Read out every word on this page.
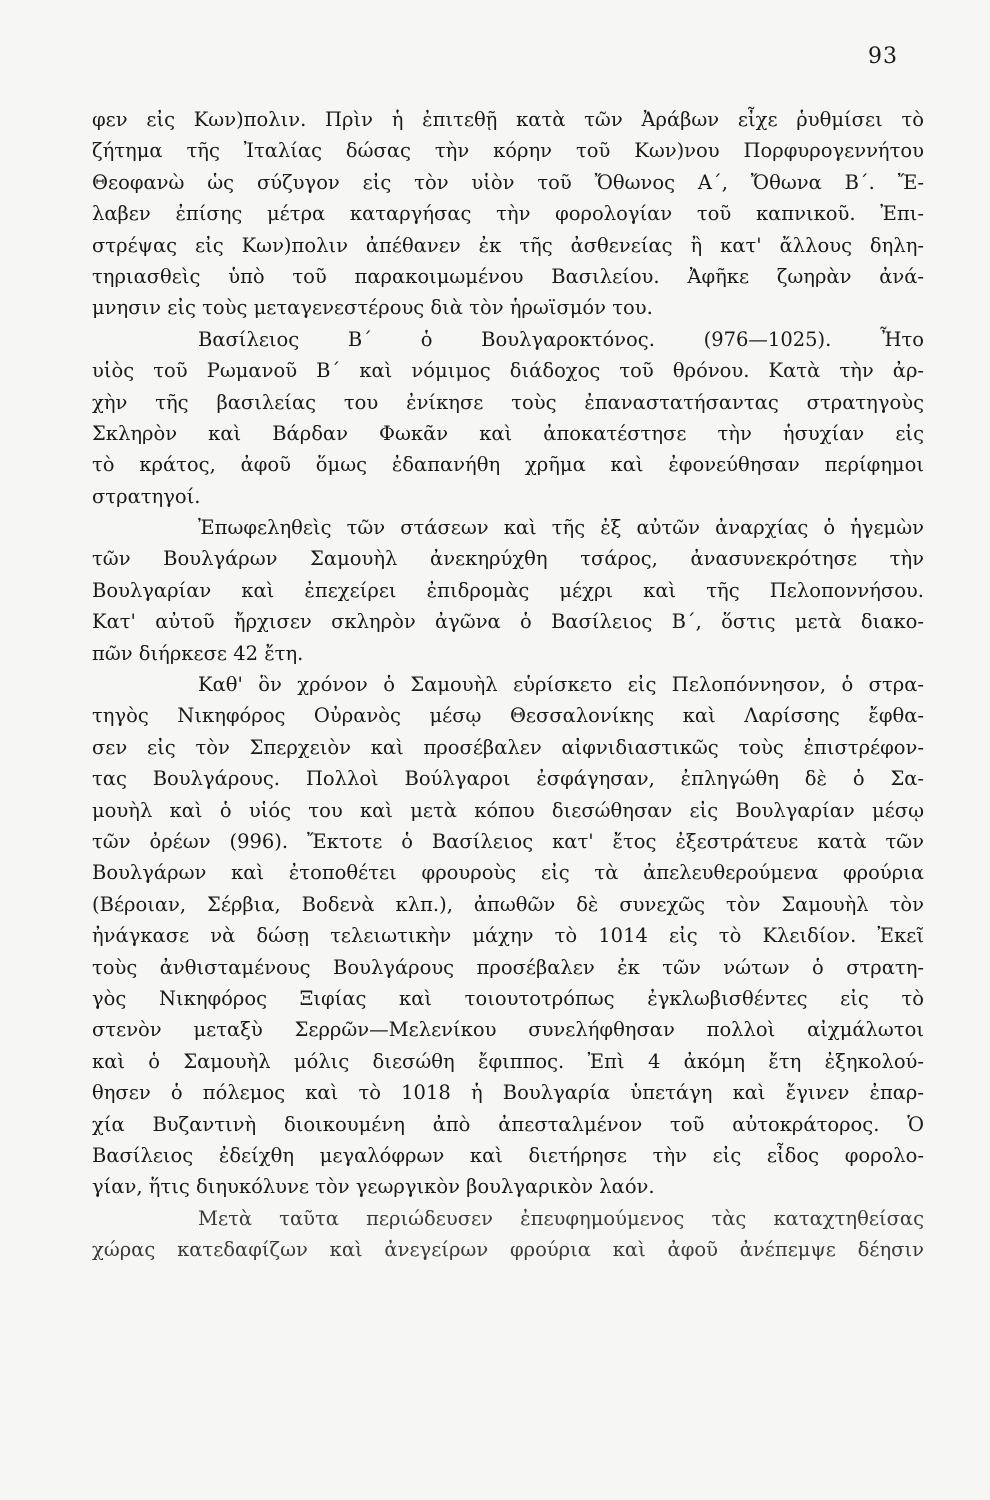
93
φεν εἰς Κων)πολιν. Πρὶν ἡ ἐπιτεθῇ κατὰ τῶν Ἀράβων εἶχε ῥυθμίσει τὸ
ζήτημα τῆς Ἰταλίας δώσας τὴν κόρην τοῦ Κων)νου Πορφυρογεννήτου
Θεοφανὼ ὡς σύζυγον εἰς τὸν υἱὸν τοῦ Ὄθωνος Α΄, Ὄθωνα Β΄. Ἔ-
λαβεν ἐπίσης μέτρα καταργήσας τὴν φορολογίαν τοῦ καπνικοῦ. Ἐπι-
στρέψας εἰς Κων)πολιν ἀπέθανεν ἐκ τῆς ἀσθενείας ἢ κατ' ἄλλους δηλη-
τηριασθεὶς ὑπὸ τοῦ παρακοιμωμένου Βασιλείου. Ἀφῆκε ζωηρὰν ἀνά-
μνησιν εἰς τοὺς μεταγενεστέρους διὰ τὸν ἡρωϊσμόν του.
Βασίλειος Β΄ ὁ Βουλγαροκτόνος. (976—1025). Ἦτο
υἱὸς τοῦ Ρωμανοῦ Β΄ καὶ νόμιμος διάδοχος τοῦ θρόνου. Κατὰ τὴν ἀρ-
χὴν τῆς βασιλείας του ἐνίκησε τοὺς ἐπαναστατήσαντας στρατηγοὺς
Σκληρὸν καὶ Βάρδαν Φωκᾶν καὶ ἀποκατέστησε τὴν ἡσυχίαν εἰς
τὸ κράτος, ἀφοῦ ὅμως ἐδαπανήθη χρῆμα καὶ ἐφονεύθησαν περίφημοι
στρατηγοί.
Ἐπωφεληθεὶς τῶν στάσεων καὶ τῆς ἐξ αὐτῶν ἀναρχίας ὁ ἡγεμὼν
τῶν Βουλγάρων Σαμουὴλ ἀνεκηρύχθη τσάρος, ἀνασυνεκρότησε τὴν
Βουλγαρίαν καὶ ἐπεχείρει ἐπιδρομὰς μέχρι καὶ τῆς Πελοποννήσου.
Κατ' αὐτοῦ ἤρχισεν σκληρὸν ἀγῶνα ὁ Βασίλειος Β΄, ὅστις μετὰ διακο-
πῶν διήρκεσε 42 ἔτη.
Καθ' ὃν χρόνον ὁ Σαμουὴλ εὑρίσκετο εἰς Πελοπόννησον, ὁ στρα-
τηγὸς Νικηφόρος Οὐρανὸς μέσῳ Θεσσαλονίκης καὶ Λαρίσσης ἔφθα-
σεν εἰς τὸν Σπερχειὸν καὶ προσέβαλεν αἰφνιδιαστικῶς τοὺς ἐπιστρέφον-
τας Βουλγάρους. Πολλοὶ Βούλγαροι ἐσφάγησαν, ἐπληγώθη δὲ ὁ Σα-
μουὴλ καὶ ὁ υἱός του καὶ μετὰ κόπου διεσώθησαν εἰς Βουλγαρίαν μέσῳ
τῶν ὀρέων (996). Ἔκτοτε ὁ Βασίλειος κατ' ἔτος ἐξεστράτευε κατὰ τῶν
Βουλγάρων καὶ ἐτοποθέτει φρουροὺς εἰς τὰ ἀπελευθερούμενα φρούρια
(Βέροιαν, Σέρβια, Βοδενὰ κλπ.), ἀπωθῶν δὲ συνεχῶς τὸν Σαμουὴλ τὸν
ἠνάγκασε νὰ δώσῃ τελειωτικὴν μάχην τὸ 1014 εἰς τὸ Κλειδίον. Ἐκεῖ
τοὺς ἀνθισταμένους Βουλγάρους προσέβαλεν ἐκ τῶν νώτων ὁ στρατη-
γὸς Νικηφόρος Ξιφίας καὶ τοιουτοτρόπως ἐγκλωβισθέντες εἰς τὸ
στενὸν μεταξὺ Σερρῶν—Μελενίκου συνελήφθησαν πολλοὶ αἰχμάλωτοι
καὶ ὁ Σαμουὴλ μόλις διεσώθη ἔφιππος. Ἐπὶ 4 ἀκόμη ἔτη ἐξηκολού-
θησεν ὁ πόλεμος καὶ τὸ 1018 ἡ Βουλγαρία ὑπετάγη καὶ ἔγινεν ἐπαρ-
χία Βυζαντινὴ διοικουμένη ἀπὸ ἀπεσταλμένον τοῦ αὐτοκράτορος. Ὁ
Βασίλειος ἐδείχθη μεγαλόφρων καὶ διετήρησε τὴν εἰς εἶδος φορολο-
γίαν, ἥτις διηυκόλυνε τὸν γεωργικὸν βουλγαρικὸν λαόν.
Μετὰ ταῦτα περιώδευσεν ἐπευφημούμενος τὰς καταχτηθείσας
χώρας κατεδαφίζων καὶ ἀνεγείρων φρούρια καὶ ἀφοῦ ἀνέπεμψε δέησιν
